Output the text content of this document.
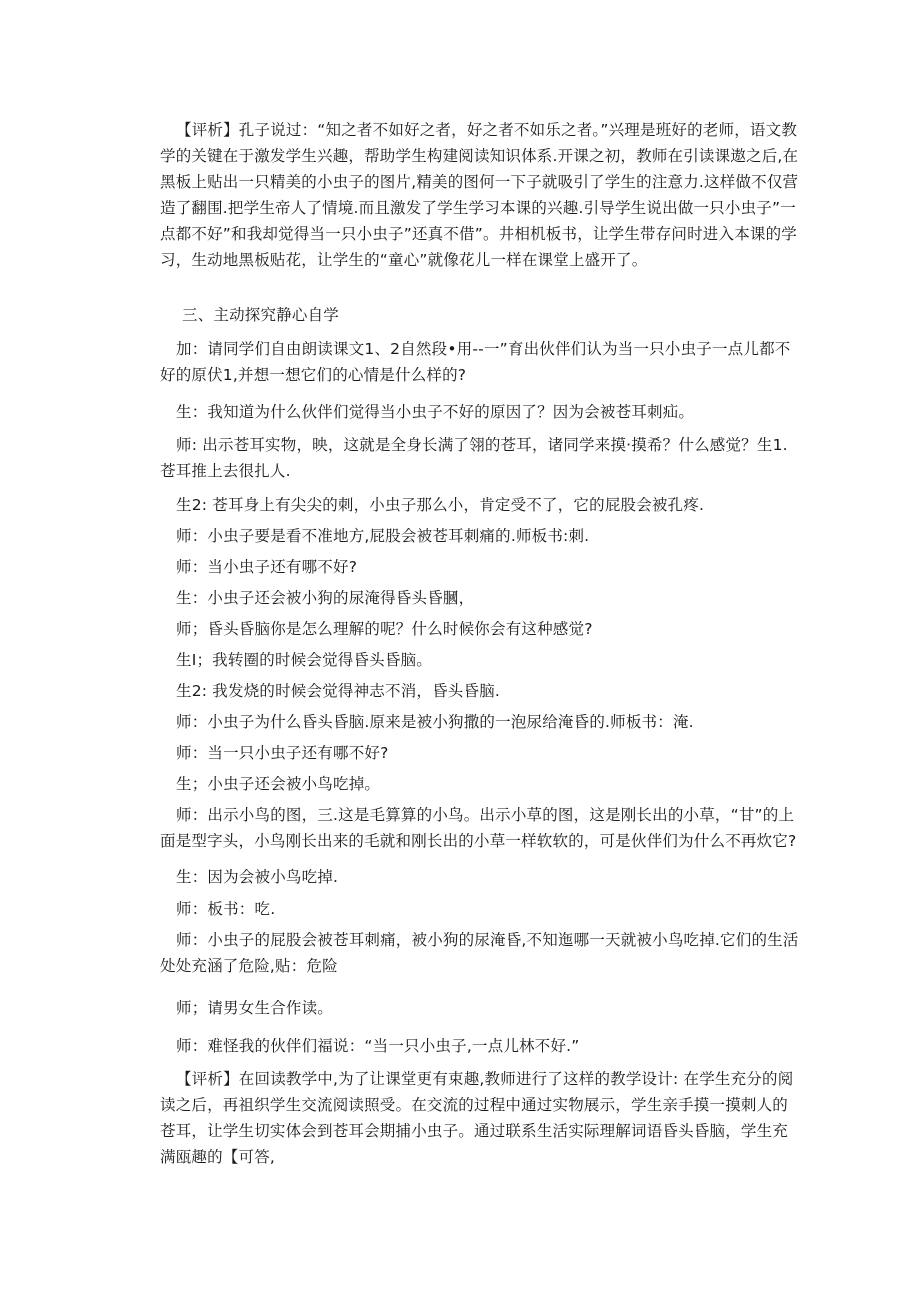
【评析】孔子说过：“知之者不如好之者，好之者不如乐之者。”兴理是班好的老师，语文教学的关键在于激发学生兴趣，帮助学生构建阅读知识体系.开课之初，教师在引读课遨之后,在黑板上贴出一只精美的小虫子的图片,精美的图何一下子就吸引了学生的注意力.这样做不仅营造了翻围.把学生帝人了情境.而且激发了学生学习本课的兴趣.引导学生说出做一只小虫子”一点都不好”和我却觉得当一只小虫子”还真不借”。井相机板书，让学生带存问时进入本课的学习，生动地黑板贴花，让学生的“童心”就像花儿一样在课堂上盛开了。

三、主动探究静心自学

加：请同学们自由朗读课文1、2自然段•用--一”育出伙伴们认为当一只小虫子一点儿都不好的原伏1,并想一想它们的心情是什么样的?

生：我知道为什么伙伴们觉得当小虫子不好的原因了？因为会被苍耳刺疝。

师: 出示苍耳实物，映，这就是全身长满了翎的苍耳，诸同学来摸·摸希？什么感觉？生1.苍耳推上去很扎人.

生2: 苍耳身上有尖尖的刺，小虫子那么小，肯定受不了，它的屁股会被孔疼.

师：小虫子要是看不准地方,屁股会被苍耳刺痛的.师板书:刺.

师：当小虫子还有哪不好?

生：小虫子还会被小狗的尿淹得昏头昏膕，

师；昏头昏脑你是怎么理解的呢？什么时候你会有这种感觉?

生I；我转圈的时候会觉得昏头昏脑。

生2: 我发烧的时候会觉得神志不消，昏头昏脑.

师：小虫子为什么昏头昏脑.原来是被小狗撒的一泡尿给淹昏的.师板书：淹.

师：当一只小虫子还有哪不好?

生；小虫子还会被小鸟吃掉。

师：出示小鸟的图，三.这是毛算算的小鸟。出示小草的图，这是刚长出的小草，“甘”的上面是型字头，小鸟刚长出来的毛就和刚长出的小草一样软软的，可是伙伴们为什么不再炊它?

生：因为会被小鸟吃掉.

师：板书：吃.

师：小虫子的屁股会被苍耳刺痛，被小狗的尿淹昏,不知迤哪一天就被小鸟吃掉.它们的生活处处充涵了危险,贴：危险

师；请男女生合作读。

师：难怪我的伙伴们福说：“当一只小虫子,一点儿林不好.”

【评析】在回读教学中,为了让课堂更有束趣,教师进行了这样的教学设计: 在学生充分的阅读之后，再祖织学生交流阅读照受。在交流的过程中通过实物展示，学生亲手摸一摸刺人的苍耳，让学生切实体会到苍耳会期捕小虫子。通过联系生活实际理解词语昏头昏脑，学生充满瓯趣的【可答,
